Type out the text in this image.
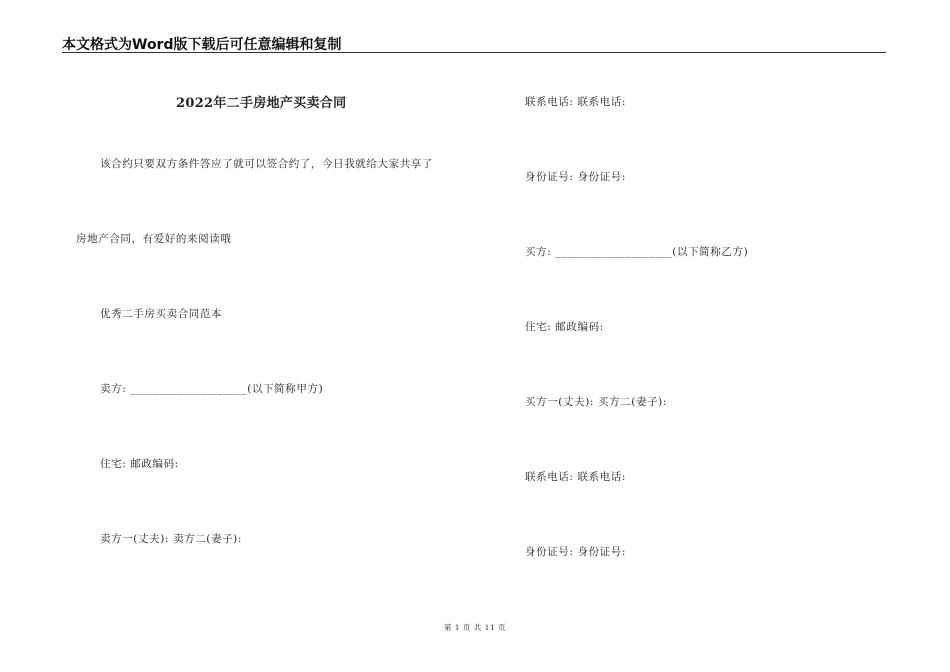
本文格式为Word版下载后可任意编辑和复制
2022年二手房地产买卖合同
该合约只要双方条件答应了就可以签合约了，今日我就给大家共享了
房地产合同，有爱好的来阅读哦
优秀二手房买卖合同范本
卖方: ____________________(以下简称甲方)
住宅: 邮政编码:
卖方一(丈夫): 卖方二(妻子):
联系电话: 联系电话:
身份证号: 身份证号:
买方: ____________________(以下简称乙方)
住宅: 邮政编码:
买方一(丈夫): 买方二(妻子):
联系电话: 联系电话:
身份证号: 身份证号:
第 1 页 共 11 页
